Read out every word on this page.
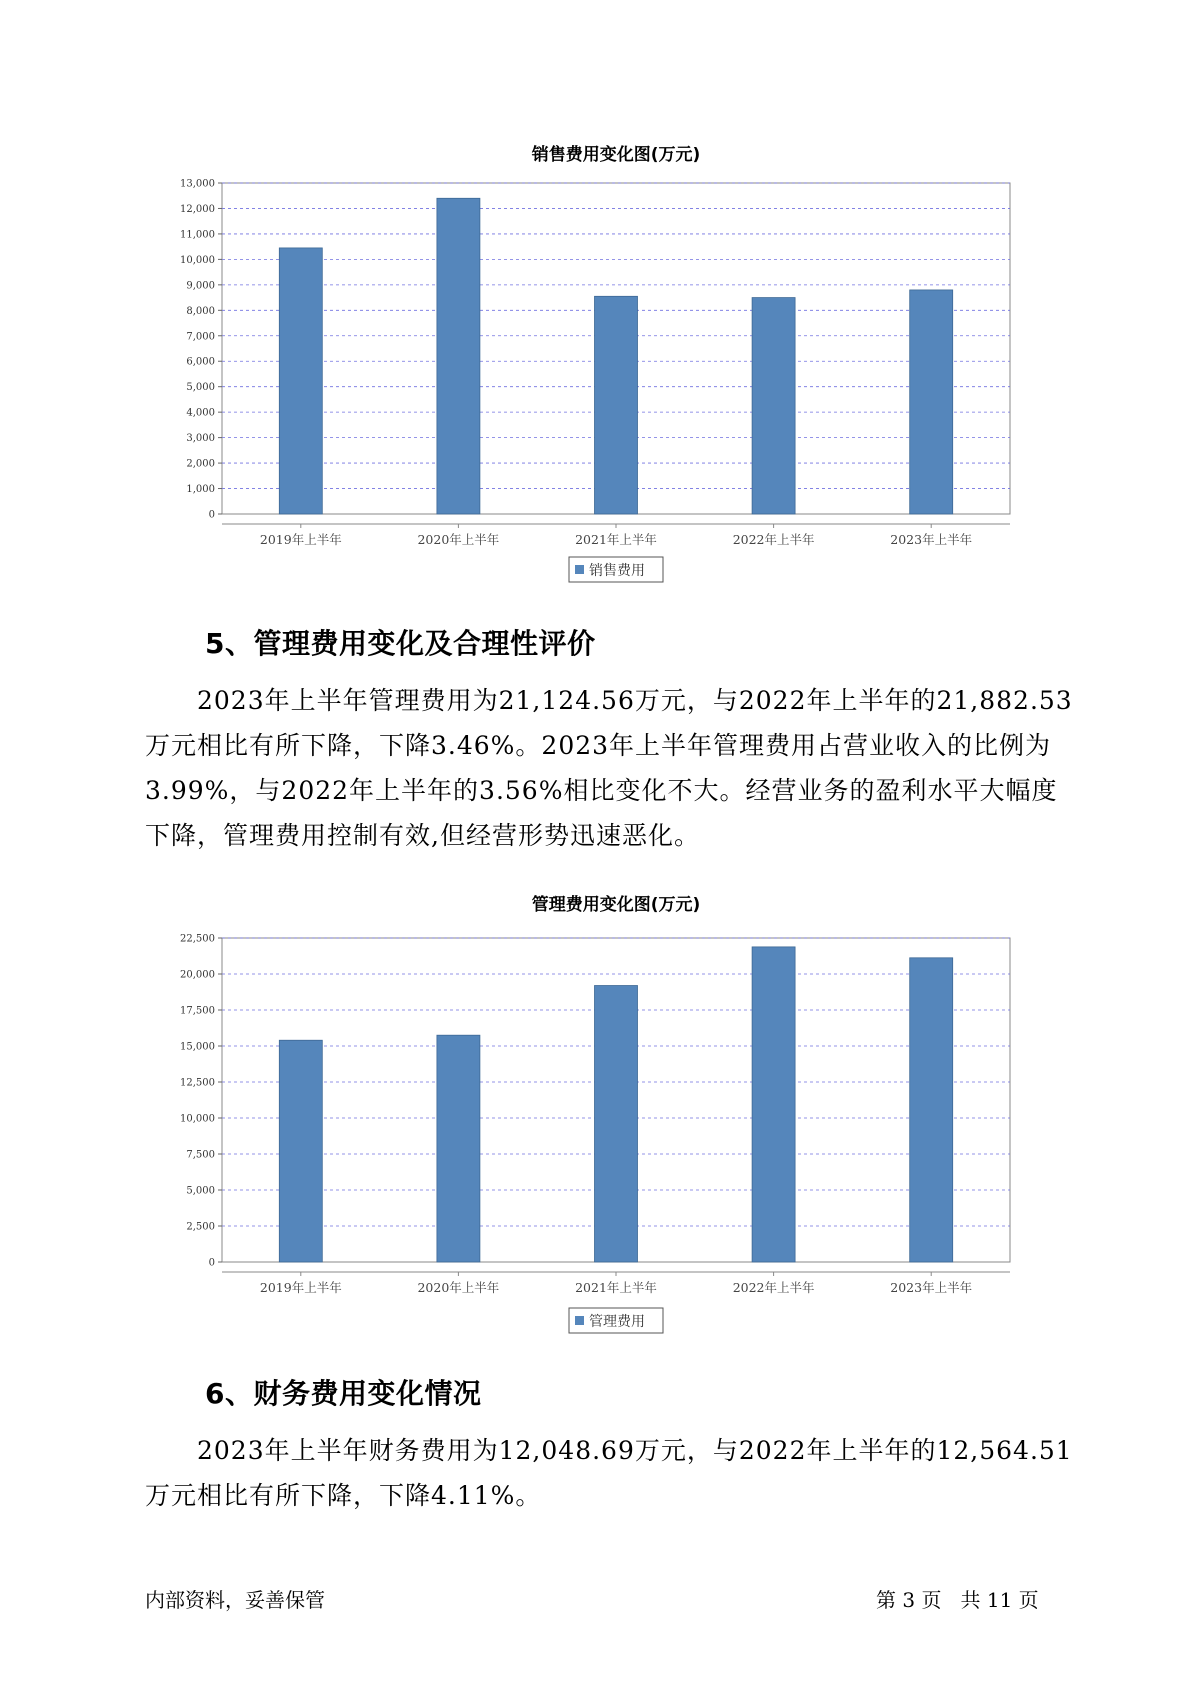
销售费用变化图(万元)
0
1,000
2,000
3,000
4,000
5,000
6,000
7,000
8,000
9,000
10,000
11,000
12,000
13,000
2019年上半年	2020年上半年	2021年上半年	2022年上半年	2023年上半年
销售费用
5、管理费用变化及合理性评价
2023年上半年管理费用为21,124.56万元，与2022年上半年的21,882.53万元相比有所下降，下降3.46%。2023年上半年管理费用占营业收入的比例为3.99%，与2022年上半年的3.56%相比变化不大。经营业务的盈利水平大幅度下降，管理费用控制有效,但经营形势迅速恶化。
管理费用变化图(万元)
0
2,500
5,000
7,500
10,000
12,500
15,000
17,500
20,000
22,500
2019年上半年	2020年上半年	2021年上半年	2022年上半年	2023年上半年
管理费用
6、财务费用变化情况
2023年上半年财务费用为12,048.69万元，与2022年上半年的12,564.51万元相比有所下降，下降4.11%。
内部资料，妥善保管	第 3 页   共 11 页
